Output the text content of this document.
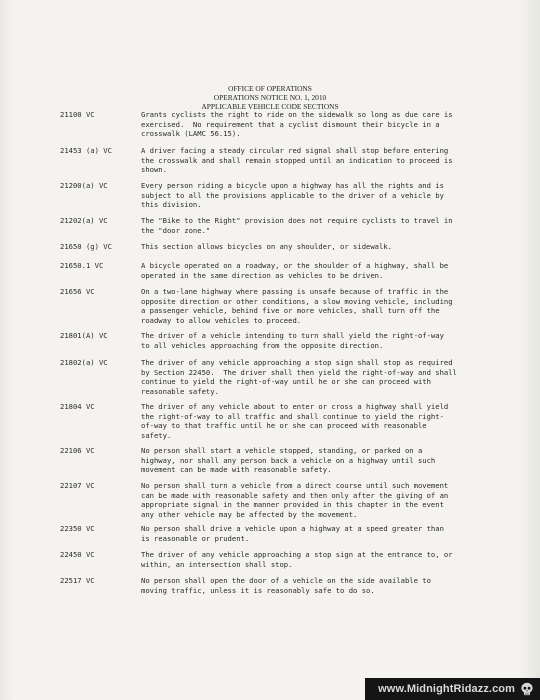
OFFICE OF OPERATIONS
OPERATIONS NOTICE NO. 1, 2010
APPLICABLE VEHICLE CODE SECTIONS
21100 VC	Grants cyclists the right to ride on the sidewalk so long as due care is
exercised.  No requirement that a cyclist dismount their bicycle in a
crosswalk (LAMC 56.15).
21453 (a) VC	A driver facing a steady circular red signal shall stop before entering
the crosswalk and shall remain stopped until an indication to proceed is
shown.
21200(a) VC	Every person riding a bicycle upon a highway has all the rights and is
subject to all the provisions applicable to the driver of a vehicle by
this division.
21202(a) VC	The "Bike to the Right" provision does not require cyclists to travel in
the "door zone."
21650 (g) VC	This section allows bicycles on any shoulder, or sidewalk.
21650.1 VC	A bicycle operated on a roadway, or the shoulder of a highway, shall be
operated in the same direction as vehicles to be driven.
21656 VC	On a two-lane highway where passing is unsafe because of traffic in the
opposite direction or other conditions, a slow moving vehicle, including
a passenger vehicle, behind five or more vehicles, shall turn off the
roadway to allow vehicles to proceed.
21801(A) VC	The driver of a vehicle intending to turn shall yield the right-of-way
to all vehicles approaching from the opposite direction.
21802(a) VC	The driver of any vehicle approaching a stop sign shall stop as required
by Section 22450.  The driver shall then yield the right-of-way and shall
continue to yield the right-of-way until he or she can proceed with
reasonable safety.
21804 VC	The driver of any vehicle about to enter or cross a highway shall yield
the right-of-way to all traffic and shall continue to yield the right-
of-way to that traffic until he or she can proceed with reasonable
safety.
22106 VC	No person shall start a vehicle stopped, standing, or parked on a
highway, nor shall any person back a vehicle on a highway until such
movement can be made with reasonable safety.
22107 VC	No person shall turn a vehicle from a direct course until such movement
can be made with reasonable safety and then only after the giving of an
appropriate signal in the manner provided in this chapter in the event
any other vehicle may be affected by the movement.
22350 VC	No person shall drive a vehicle upon a highway at a speed greater than
is reasonable or prudent.
22450 VC	The driver of any vehicle approaching a stop sign at the entrance to, or
within, an intersection shall stop.
22517 VC	No person shall open the door of a vehicle on the side available to
moving traffic, unless it is reasonably safe to do so.
www.MidnightRidazz.com
